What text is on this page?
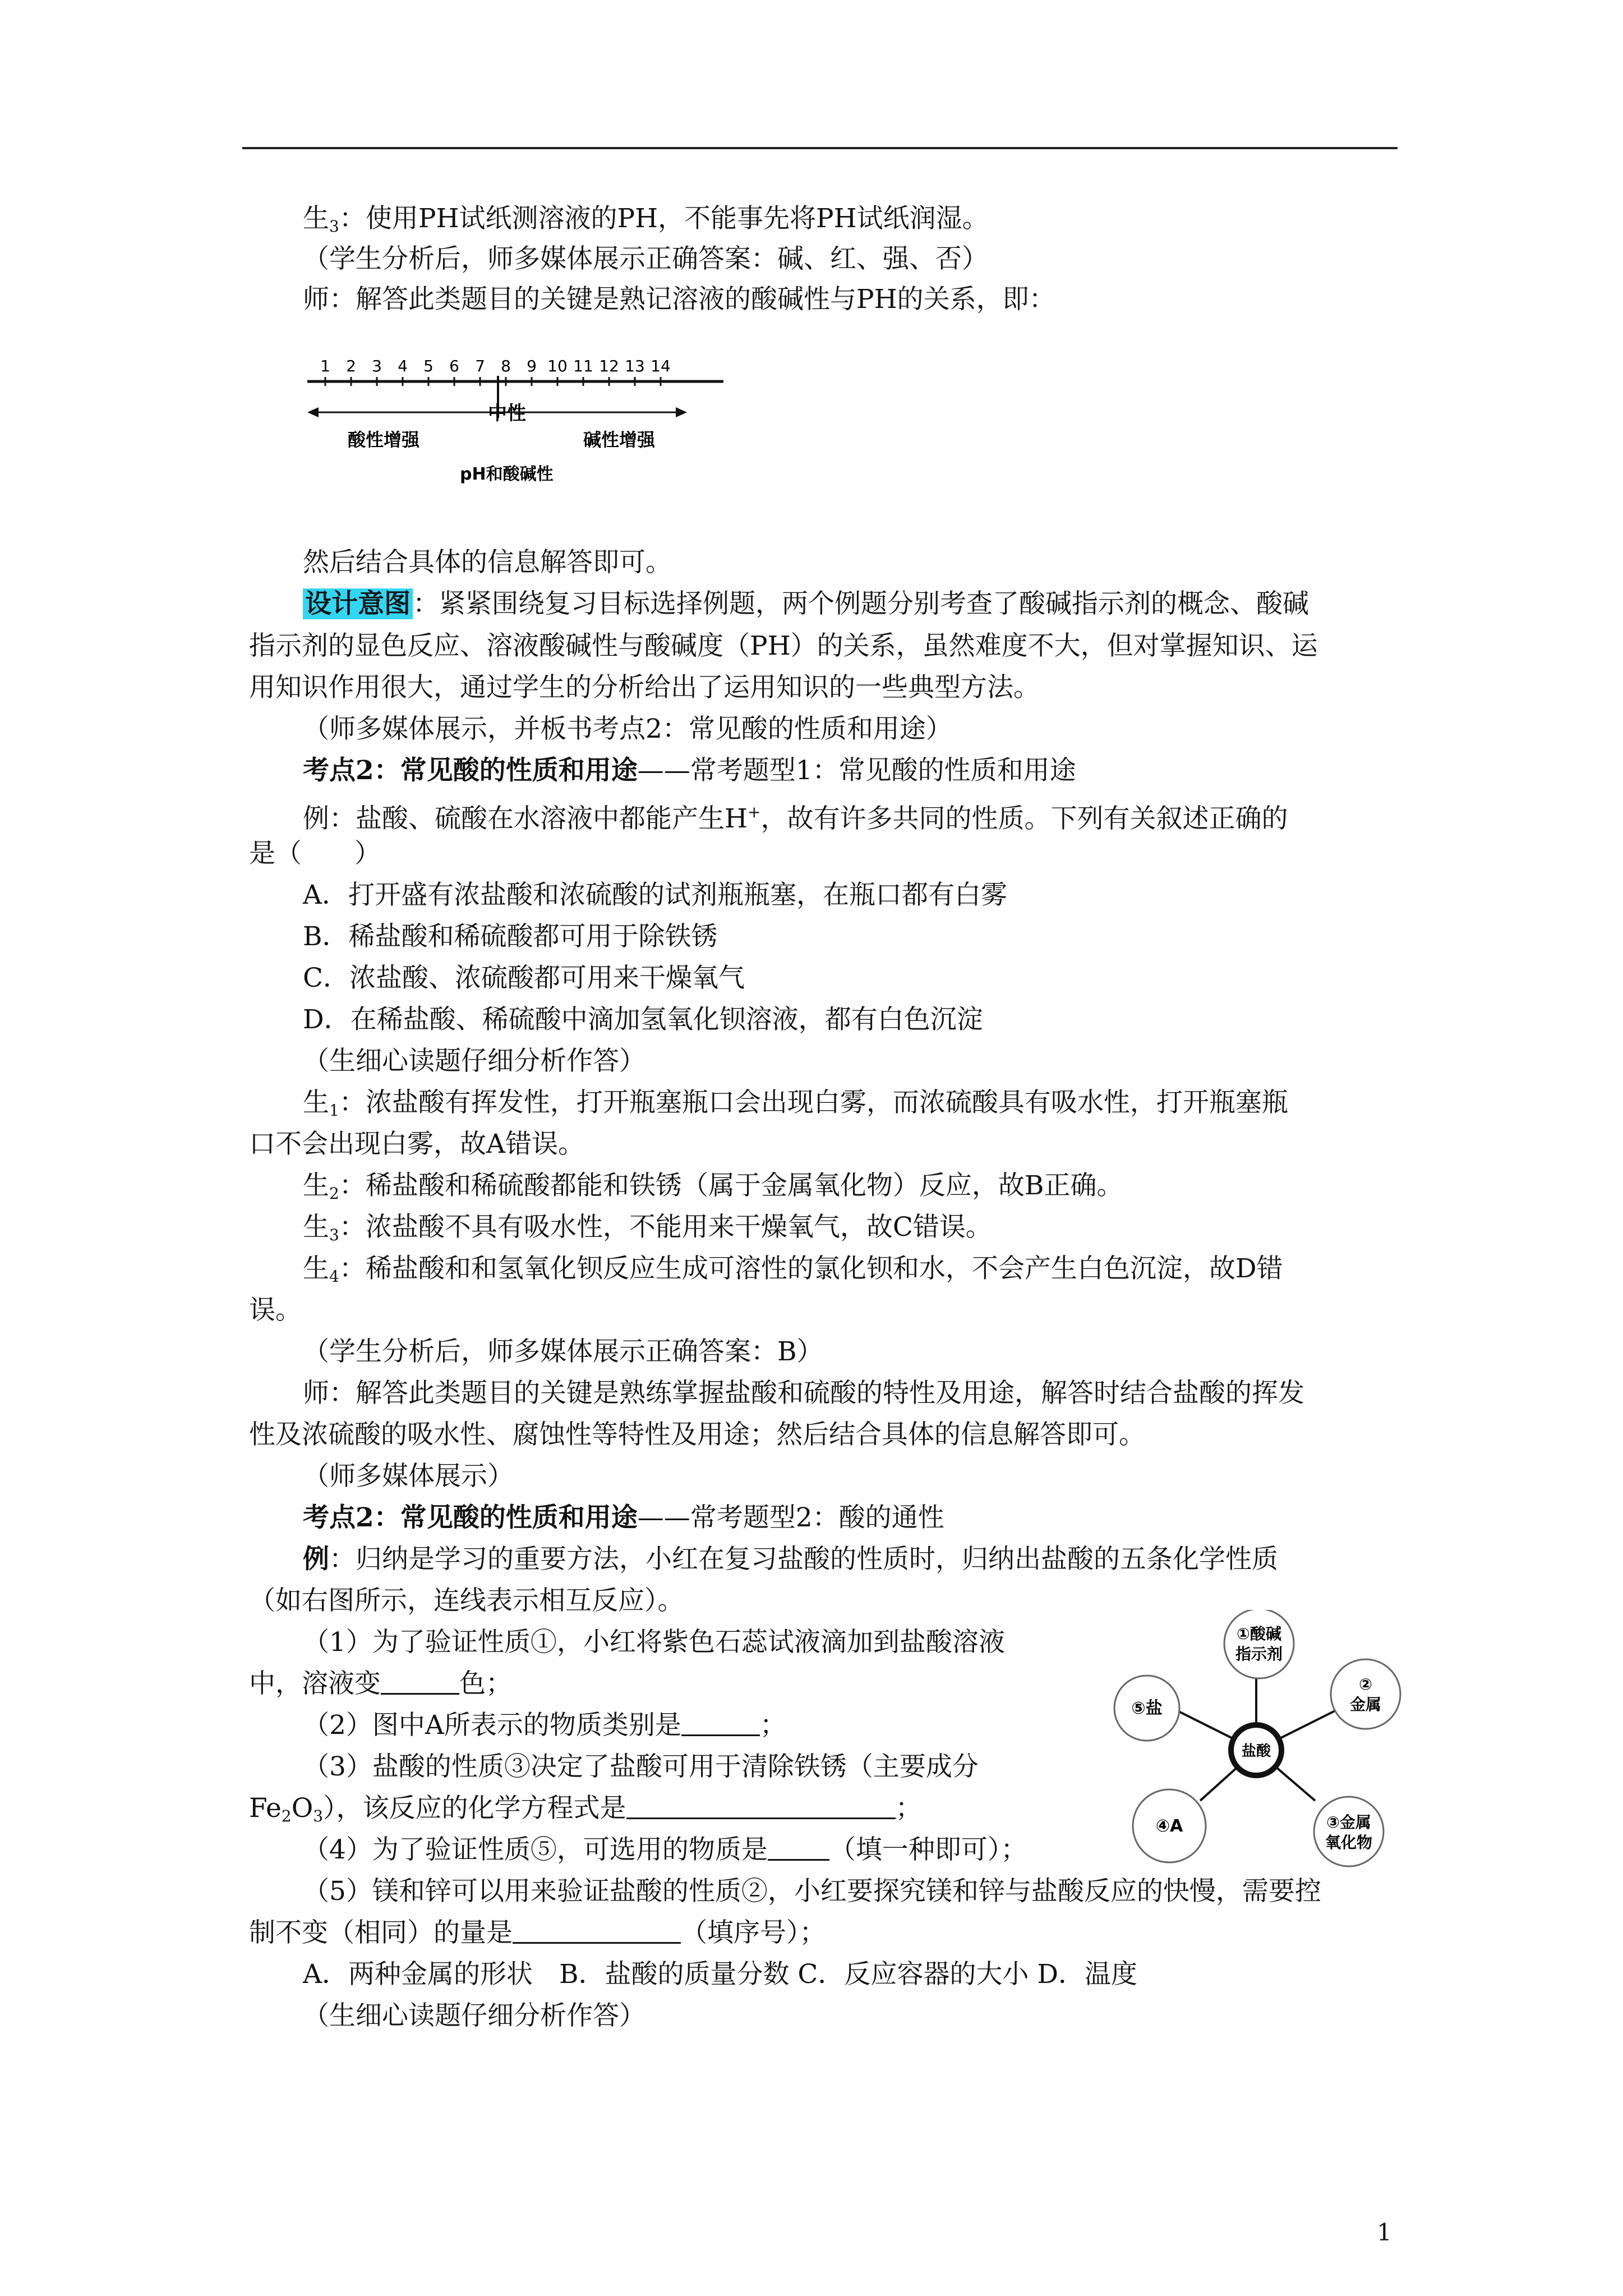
生$_3$：使用PH试纸测溶液的PH，不能事先将PH试纸润湿。
（学生分析后，师多媒体展示正确答案：碱、红、强、否）
师：解答此类题目的关键是熟记溶液的酸碱性与PH的关系，即：
1 2 3 4 5 6 7 8 9 10 11 12 13 14
中性
酸性增强	碱性增强
pH和酸碱性
然后结合具体的信息解答即可。
设计意图：紧紧围绕复习目标选择例题，两个例题分别考查了酸碱指示剂的概念、酸碱
指示剂的显色反应、溶液酸碱性与酸碱度（PH）的关系，虽然难度不大，但对掌握知识、运
用知识作用很大，通过学生的分析给出了运用知识的一些典型方法。
（师多媒体展示，并板书考点2：常见酸的性质和用途）
考点2：常见酸的性质和用途——常考题型1：常见酸的性质和用途
例：盐酸、硫酸在水溶液中都能产生H+，故有许多共同的性质。下列有关叙述正确的
是（　　）
A．打开盛有浓盐酸和浓硫酸的试剂瓶瓶塞，在瓶口都有白雾
B．稀盐酸和稀硫酸都可用于除铁锈
C．浓盐酸、浓硫酸都可用来干燥氧气
D．在稀盐酸、稀硫酸中滴加氢氧化钡溶液，都有白色沉淀
（生细心读题仔细分析作答）
生$_1$：浓盐酸有挥发性，打开瓶塞瓶口会出现白雾，而浓硫酸具有吸水性，打开瓶塞瓶
口不会出现白雾，故A错误。
生$_2$：稀盐酸和稀硫酸都能和铁锈（属于金属氧化物）反应，故B正确。
生$_3$：浓盐酸不具有吸水性，不能用来干燥氧气，故C错误。
生$_4$：稀盐酸和和氢氧化钡反应生成可溶性的氯化钡和水，不会产生白色沉淀，故D错
误。
（学生分析后，师多媒体展示正确答案：B）
师：解答此类题目的关键是熟练掌握盐酸和硫酸的特性及用途，解答时结合盐酸的挥发
性及浓硫酸的吸水性、腐蚀性等特性及用途；然后结合具体的信息解答即可。
（师多媒体展示）
考点2：常见酸的性质和用途——常考题型2：酸的通性
例：归纳是学习的重要方法，小红在复习盐酸的性质时，归纳出盐酸的五条化学性质
（如右图所示，连线表示相互反应）。
（1）为了验证性质①，小红将紫色石蕊试液滴加到盐酸溶液
中，溶液变	色；
（2）图中A所表示的物质类别是	；
（3）盐酸的性质③决定了盐酸可用于清除铁锈（主要成分
$Fe_2O_3$），该反应的化学方程式是	；
（4）为了验证性质⑤，可选用的物质是 （填一种即可）；
（5）镁和锌可以用来验证盐酸的性质②，小红要探究镁和锌与盐酸反应的快慢，需要控
制不变（相同）的量是	（填序号）；
A．两种金属的形状　B．盐酸的质量分数 C．反应容器的大小 D．温度
（生细心读题仔细分析作答）
盐酸
①酸碱
指示剂
②
金属
③金属
氧化物
④A
⑤盐
1
